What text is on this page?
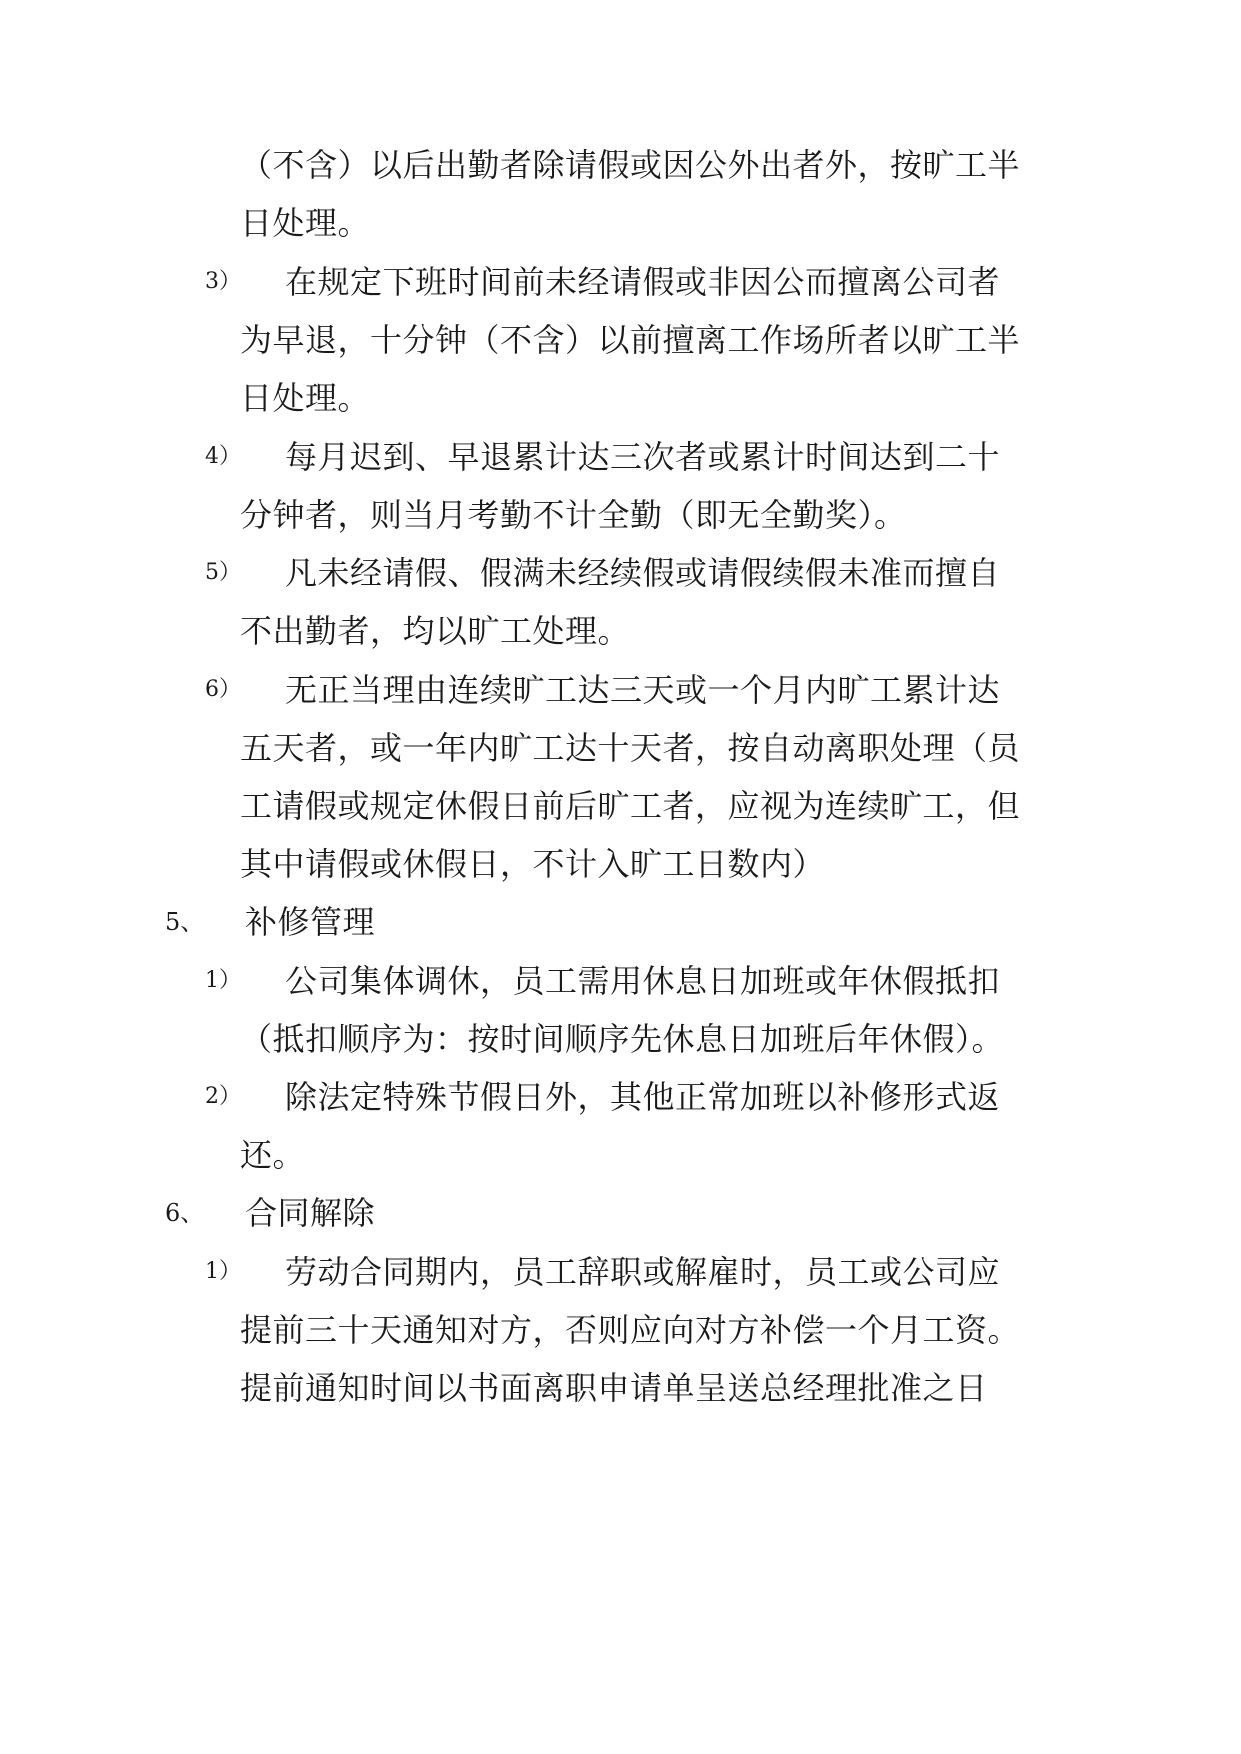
（不含）以后出勤者除请假或因公外出者外，按旷工半
日处理。
3） 在规定下班时间前未经请假或非因公而擅离公司者
为早退，十分钟（不含）以前擅离工作场所者以旷工半
日处理。
4） 每月迟到、早退累计达三次者或累计时间达到二十
分钟者，则当月考勤不计全勤（即无全勤奖）。
5） 凡未经请假、假满未经续假或请假续假未准而擅自
不出勤者，均以旷工处理。
6） 无正当理由连续旷工达三天或一个月内旷工累计达
五天者，或一年内旷工达十天者，按自动离职处理（员
工请假或规定休假日前后旷工者，应视为连续旷工，但
其中请假或休假日，不计入旷工日数内）
5、 补修管理
1） 公司集体调休，员工需用休息日加班或年休假抵扣
（抵扣顺序为：按时间顺序先休息日加班后年休假）。
2） 除法定特殊节假日外，其他正常加班以补修形式返
还。
6、 合同解除
1） 劳动合同期内，员工辞职或解雇时，员工或公司应
提前三十天通知对方，否则应向对方补偿一个月工资。
提前通知时间以书面离职申请单呈送总经理批准之日
